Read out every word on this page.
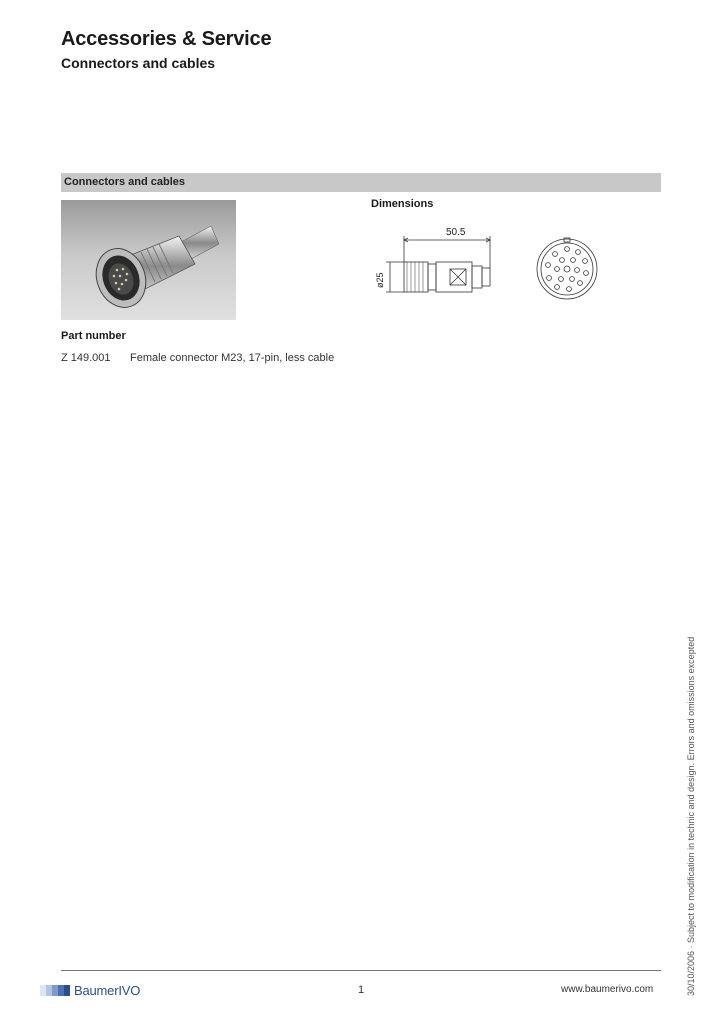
Accessories & Service
Connectors and cables
Connectors and cables
Dimensions
50.5
ø25
Part number
Z 149.001	Female connector M23, 17-pin, less cable
30/10/2006 · Subject to modification in technic and design. Errors and omissions excepted
Baumer IVO	1	www.baumerivo.com
